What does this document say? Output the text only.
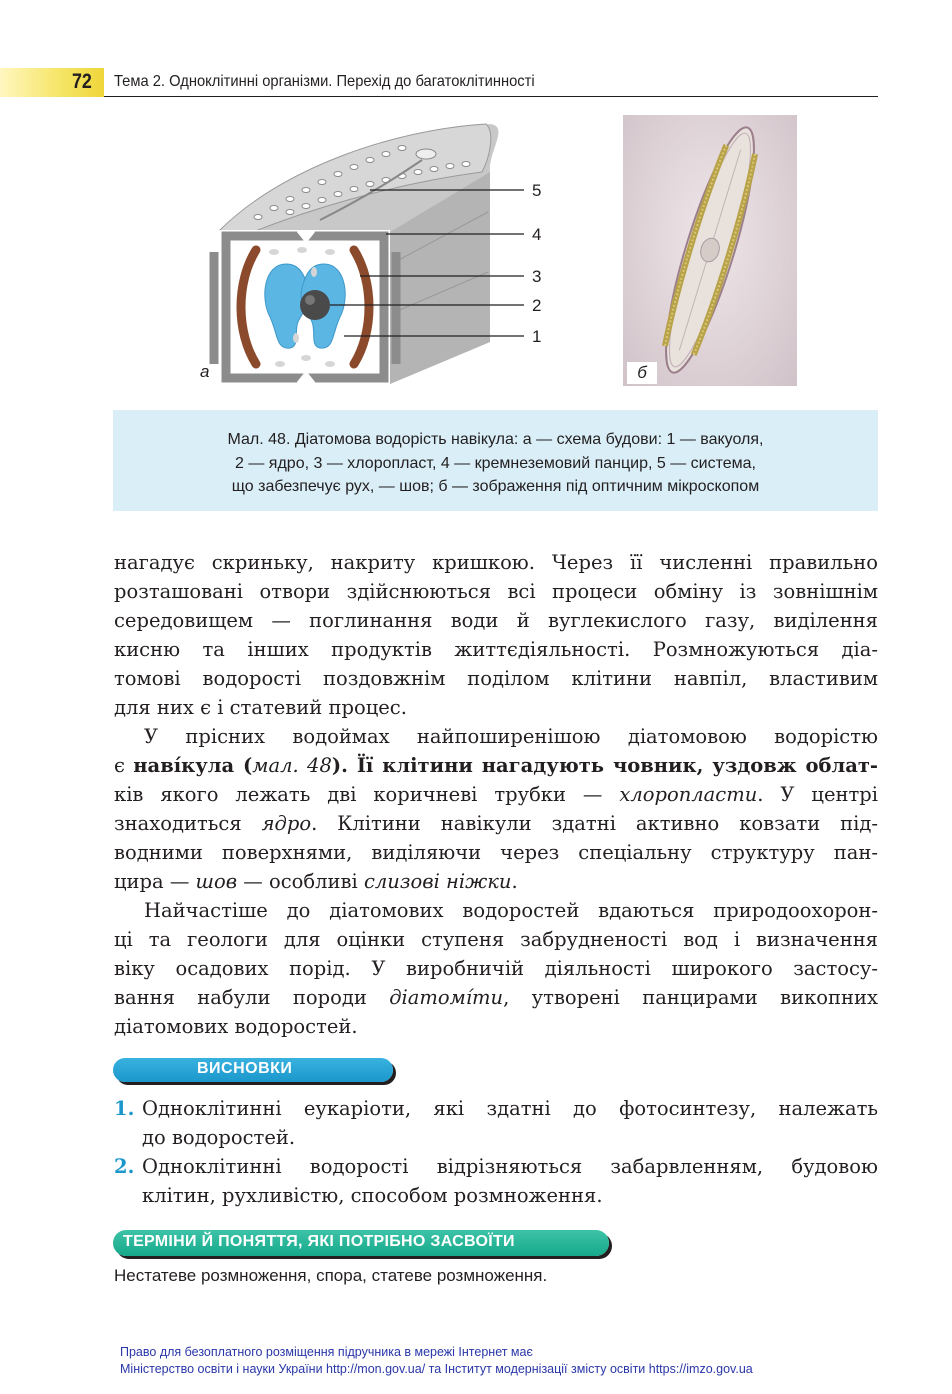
72 Тема 2. Одноклітинні організми. Перехід до багатоклітинності
5
4
3
2
1
а	б
Мал. 48. Діатомова водорість навікула: а — схема будови: 1 — вакуоля,
2 — ядро, 3 — хлоропласт, 4 — кремнеземовий панцир, 5 — система,
що забезпечує рух, — шов; б — зображення під оптичним мікроскопом

нагадує скриньку, накриту кришкою. Через її численні правильно
розташовані отвори здійснюються всі процеси обміну із зовнішнім
середовищем — поглинання води й вуглекислого газу, виділення
кисню та інших продуктів життєдіяльності. Розмножуються діа-
томові водорості поздовжнім поділом клітини навпіл, властивим
для них є і статевий процес.

У прісних водоймах найпоширенішою діатомовою водорістю
є наві́кула (мал. 48). Її клітини нагадують човник, уздовж облат-
ків якого лежать дві коричневі трубки — хлоропласти. У центрі
знаходиться ядро. Клітини навікули здатні активно ковзати під-
водними поверхнями, виділяючи через спеціальну структуру пан-
цира — шов — особливі слизові ніжки.

Найчастіше до діатомових водоростей вдаються природоохорон-
ці та геологи для оцінки ступеня забрудненості вод і визначення
віку осадових порід. У виробничій діяльності широкого застосу-
вання набули породи діатомі́ти, утворені панцирами викопних
діатомових водоростей.

ВИСНОВКИ
1. Одноклітинні еукаріоти, які здатні до фотосинтезу, належать
до водоростей.
2. Одноклітинні водорості відрізняються забарвленням, будовою
клітин, рухливістю, способом розмноження.
ТЕРМІНИ Й ПОНЯТТЯ, ЯКІ ПОТРІБНО ЗАСВОЇТИ
Нестатеве розмноження, спора, статеве розмноження.
Право для безоплатного розміщення підручника в мережі Інтернет має
Міністерство освіти і науки України http://mon.gov.ua/ та Інститут модернізації змісту освіти https://imzo.gov.ua
